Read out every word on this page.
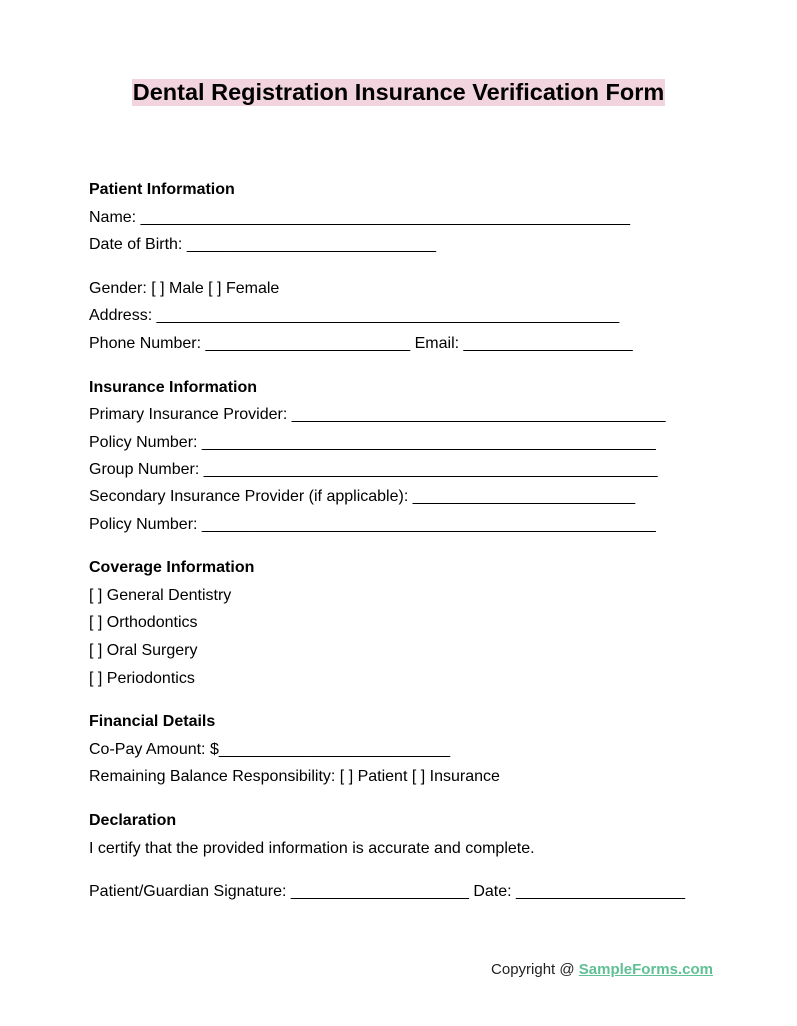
Dental Registration Insurance Verification Form
Patient Information
Name: _______________________________________________________
Date of Birth: ____________________________
Gender: [ ] Male [ ] Female
Address: ____________________________________________________
Phone Number: _______________________ Email: ___________________
Insurance Information
Primary Insurance Provider: __________________________________________
Policy Number: ___________________________________________________
Group Number: ___________________________________________________
Secondary Insurance Provider (if applicable): _________________________
Policy Number: ___________________________________________________
Coverage Information
[ ] General Dentistry
[ ] Orthodontics
[ ] Oral Surgery
[ ] Periodontics
Financial Details
Co-Pay Amount: $__________________________
Remaining Balance Responsibility: [ ] Patient [ ] Insurance
Declaration
I certify that the provided information is accurate and complete.
Patient/Guardian Signature: ____________________ Date: ___________________
Copyright @ SampleForms.com
